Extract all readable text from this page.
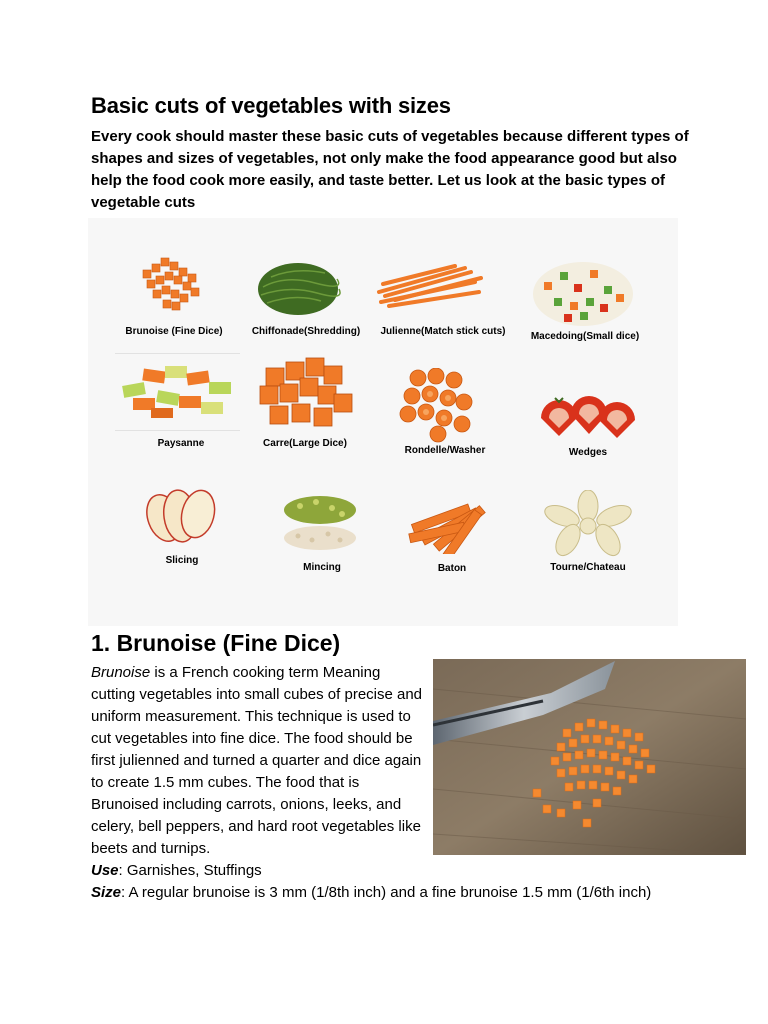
Basic cuts of vegetables with sizes

Every cook should master these basic cuts of vegetables because different types of shapes and sizes of vegetables, not only make the food appearance good but also help the food cook more easily, and taste better. Let us look at the basic types of vegetable cuts

Brunoise (Fine Dice)	Chiffonade(Shredding)	Julienne(Match stick cuts)	Macedoing(Small dice)
Paysanne	Carre(Large Dice)
Rondelle/Washer	Wedges
Slicing
Mincing	Baton	Tourne/Chateau
1. Brunoise (Fine Dice)

Brunoise is a French cooking term Meaning cutting vegetables into small cubes of precise and uniform measurement. This technique is used to cut vegetables into fine dice. The food should be first julienned and turned a quarter and dice again to create 1.5 mm cubes. The food that is Brunoised including carrots, onions, leeks, and celery, bell peppers, and hard root vegetables like beets and turnips.

Use: Garnishes, Stuffings

Size: A regular brunoise is 3 mm (1/8th inch) and a fine brunoise 1.5 mm (1/6th inch)
